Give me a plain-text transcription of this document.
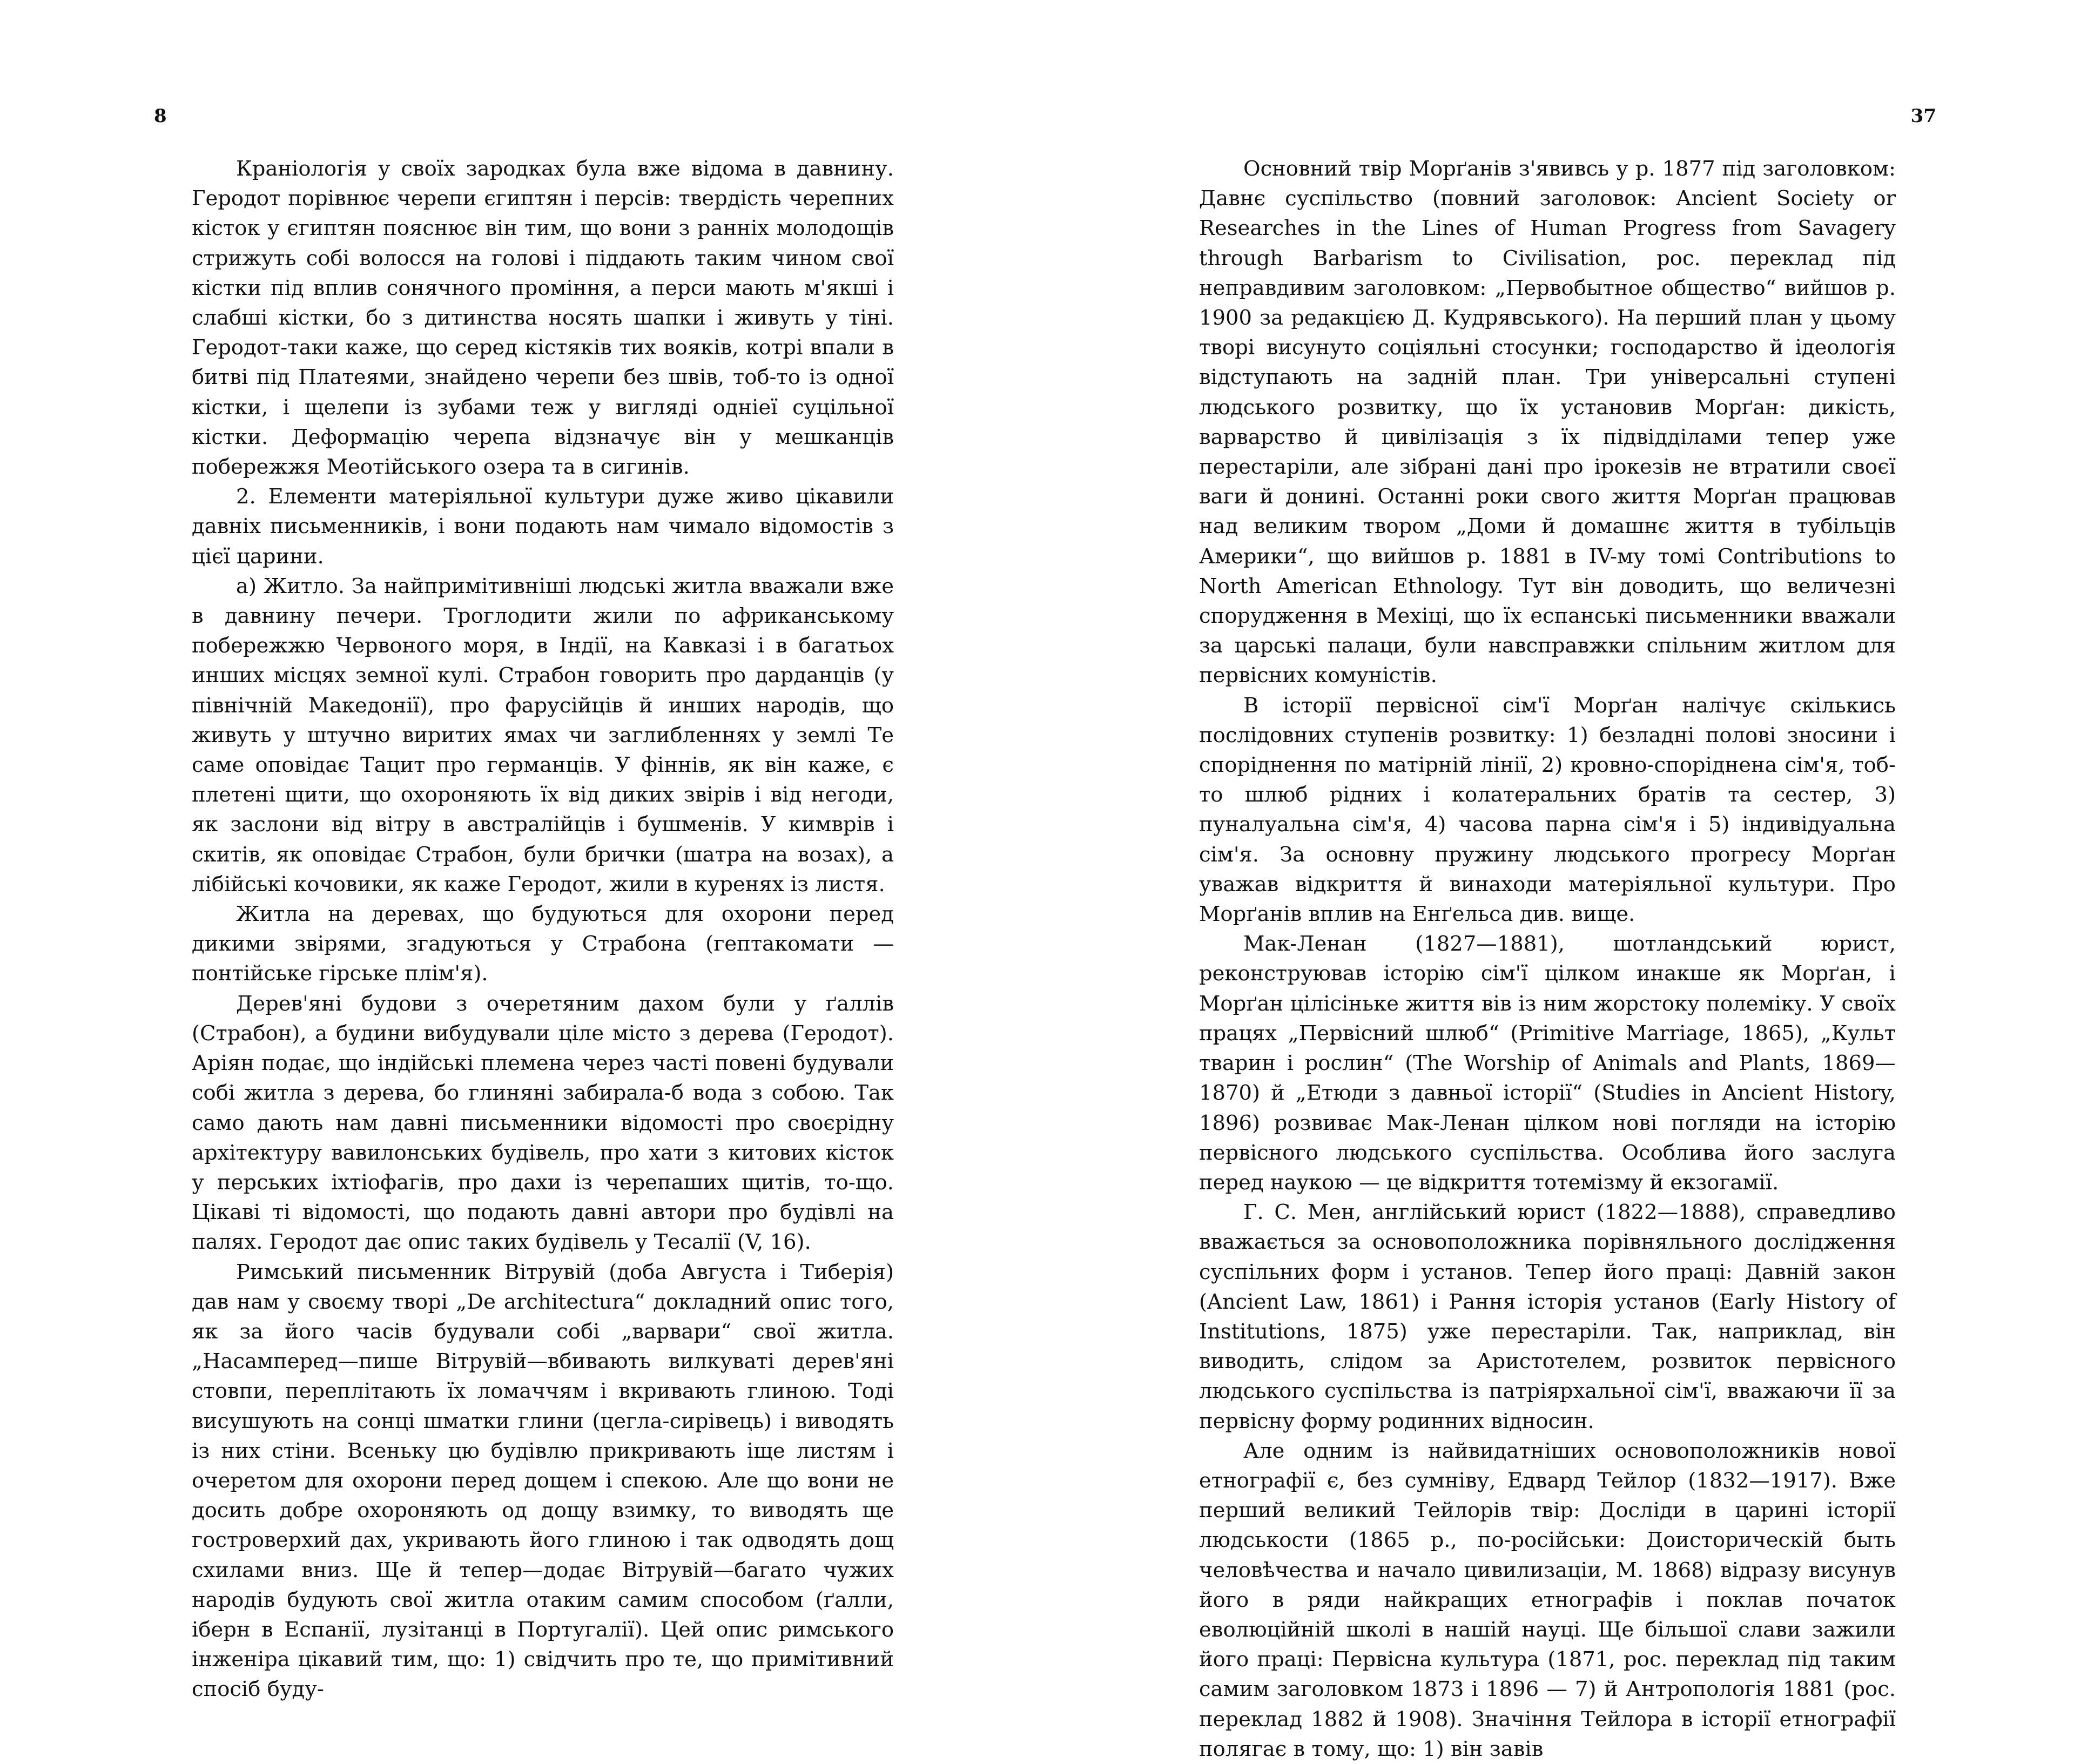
8

Краніологія у своїх зародках була вже відома в давнину. Геродот порівнює черепи єгиптян і персів: твердість черепних кісток у єгиптян пояснює він тим, що вони з ранніх молодощів стрижуть собі волосся на голові і піддають таким чином свої кістки під вплив сонячного проміння, а перси мають м'якші і слабші кістки, бо з дитинства носять шапки і живуть у тіні. Геродот-таки каже, що серед кістяків тих вояків, котрі впали в битві під Платеями, знайдено черепи без швів, тоб-то із одної кістки, і щелепи із зубами теж у вигляді одніеї суцільної кістки. Деформацію черепа відзначує він у мешканців побережжя Меотійського озера та в сигинів.

2. Елементи матеріяльної культури дуже живо цікавили давніх письменників, і вони подають нам чимало відомостів з цієї царини.

а) Житло. За найпримітивніші людські житла вважали вже в давнину печери. Троглодити жили по африканському побережжю Червоного моря, в Індії, на Кавказі і в багатьох инших місцях земної кулі. Страбон говорить про дарданців (у північній Македонії), про фарусійців й инших народів, що живуть у штучно виритих ямах чи заглибленнях у землі Те саме оповідає Тацит про германців. У фіннів, як він каже, є плетені щити, що охороняють їх від диких звірів і від негоди, як заслони від вітру в австралійців і бушменів. У кимврів і скитів, як оповідає Страбон, були брички (шатра на возах), а лібійські кочовики, як каже Геродот, жили в куренях із листя.

Житла на деревах, що будуються для охорони перед дикими звірями, згадуються у Страбона (гептакомати — понтійське гірське плім'я).

Дерев'яні будови з очеретяним дахом були у ґаллів (Страбон), а будини вибудували ціле місто з дерева (Геродот). Аріян подає, що індійські племена через часті повені будували собі житла з дерева, бо глиняні забирала-б вода з собою. Так само дають нам давні письменники відомості про своєрідну архітектуру вавилонських будівель, про хати з китових кісток у перських іхтіофагів, про дахи із черепаших щитів, то-що. Цікаві ті відомості, що подають давні автори про будівлі на палях. Геродот дає опис таких будівель у Тесалії (V, 16).

Римський письменник Вітрувій (доба Августа і Тиберія) дав нам у своєму творі „De architectura“ докладний опис того, як за його часів будували собі „варвари“ свої житла. „Насамперед—пише Вітрувій—вбивають вилкуваті дерев'яні стовпи, переплітають їх ломаччям і вкривають глиною. Тоді висушують на сонці шматки глини (цегла-сирівець) і виводять із них стіни. Всеньку цю будівлю прикривають іще листям і очеретом для охорони перед дощем і спекою. Але що вони не досить добре охороняють од дощу взимку, то виводять ще гостроверхий дах, укривають його глиною і так одводять дощ схилами вниз. Ще й тепер—додає Вітрувій—багато чужих народів будують свої житла отаким самим способом (ґалли, іберн в Еспанії, лузітанці в Португалії). Цей опис римського інженіра цікавий тим, що: 1) свідчить про те, що примітивний спосіб буду-

37

Основний твір Морґанів з'явивсь у р. 1877 під заголовком: Давнє суспільство (повний заголовок: Ancient Society or Researches in the Lines of Human Progress from Savagery through Barbarism to Civilisation, рос. переклад під неправдивим заголовком: „Первобытное общество“ вийшов р. 1900 за редакцією Д. Кудрявського). На перший план у цьому творі висунуто соціяльні стосунки; господарство й ідеологія відступають на задній план. Три універсальні ступені людського розвитку, що їх установив Морґан: дикість, варварство й цивілізація з їх підвідділами тепер уже перестаріли, але зібрані дані про ірокезів не втратили своєї ваги й донині. Останні роки свого життя Морґан працював над великим твором „Доми й домашнє життя в тубільців Америки“, що вийшов р. 1881 в IV-му томі Contributions to North American Ethnology. Тут він доводить, що величезні спорудження в Мехіці, що їх еспанські письменники вважали за царські палаци, були навсправжки спільним житлом для первісних комуністів.

В історії первісної сім'ї Морґан налічує скількись послідовних ступенів розвитку: 1) безладні полові зносини і споріднення по матірній лінії, 2) кровно-споріднена сім'я, тоб-то шлюб рідних і колатеральних братів та сестер, 3) пуналуальна сім'я, 4) часова парна сім'я і 5) індивідуальна сім'я. За основну пружину людського прогресу Морґан уважав відкриття й винаходи матеріяльної культури. Про Морґанів вплив на Енґельса див. вище.

Мак-Ленан (1827—1881), шотландський юрист, реконструював історію сім'ї цілком инакше як Морґан, і Морґан цілісіньке життя вів із ним жорстоку полеміку. У своїх працях „Первісний шлюб“ (Primitive Marriage, 1865), „Культ тварин і рослин“ (The Worship of Animals and Plants, 1869—1870) й „Етюди з давньої історії“ (Studies in Ancient History, 1896) розвиває Мак-Ленан цілком нові погляди на історію первісного людського суспільства. Особлива його заслуга перед наукою — це відкриття тотемізму й екзогамії.

Г. С. Мен, англійський юрист (1822—1888), справедливо вважається за основоположника порівняльного дослідження суспільних форм і установ. Тепер його праці: Давній закон (Ancient Law, 1861) і Рання історія установ (Early History of Institutions, 1875) уже перестаріли. Так, наприклад, він виводить, слідом за Аристотелем, розвиток первісного людського суспільства із патріярхальної сім'ї, вважаючи її за первісну форму родинних відносин.

Але одним із найвидатніших основоположників нової етнографії є, без сумніву, Едвард Тейлор (1832—1917). Вже перший великий Тейлорів твір: Досліди в царині історії людськости (1865 р., по-російськи: Доисторическій быть человѣчества и начало цивилизаціи, М. 1868) відразу висунув його в ряди найкращих етнографів і поклав початок еволюційній школі в нашій науці. Ще більшої слави зажили його праці: Первісна культура (1871, рос. переклад під таким самим заголовком 1873 і 1896 — 7) й Антропологія 1881 (рос. переклад 1882 й 1908). Значіння Тейлора в історії етнографії полягає в тому, що: 1) він завів
